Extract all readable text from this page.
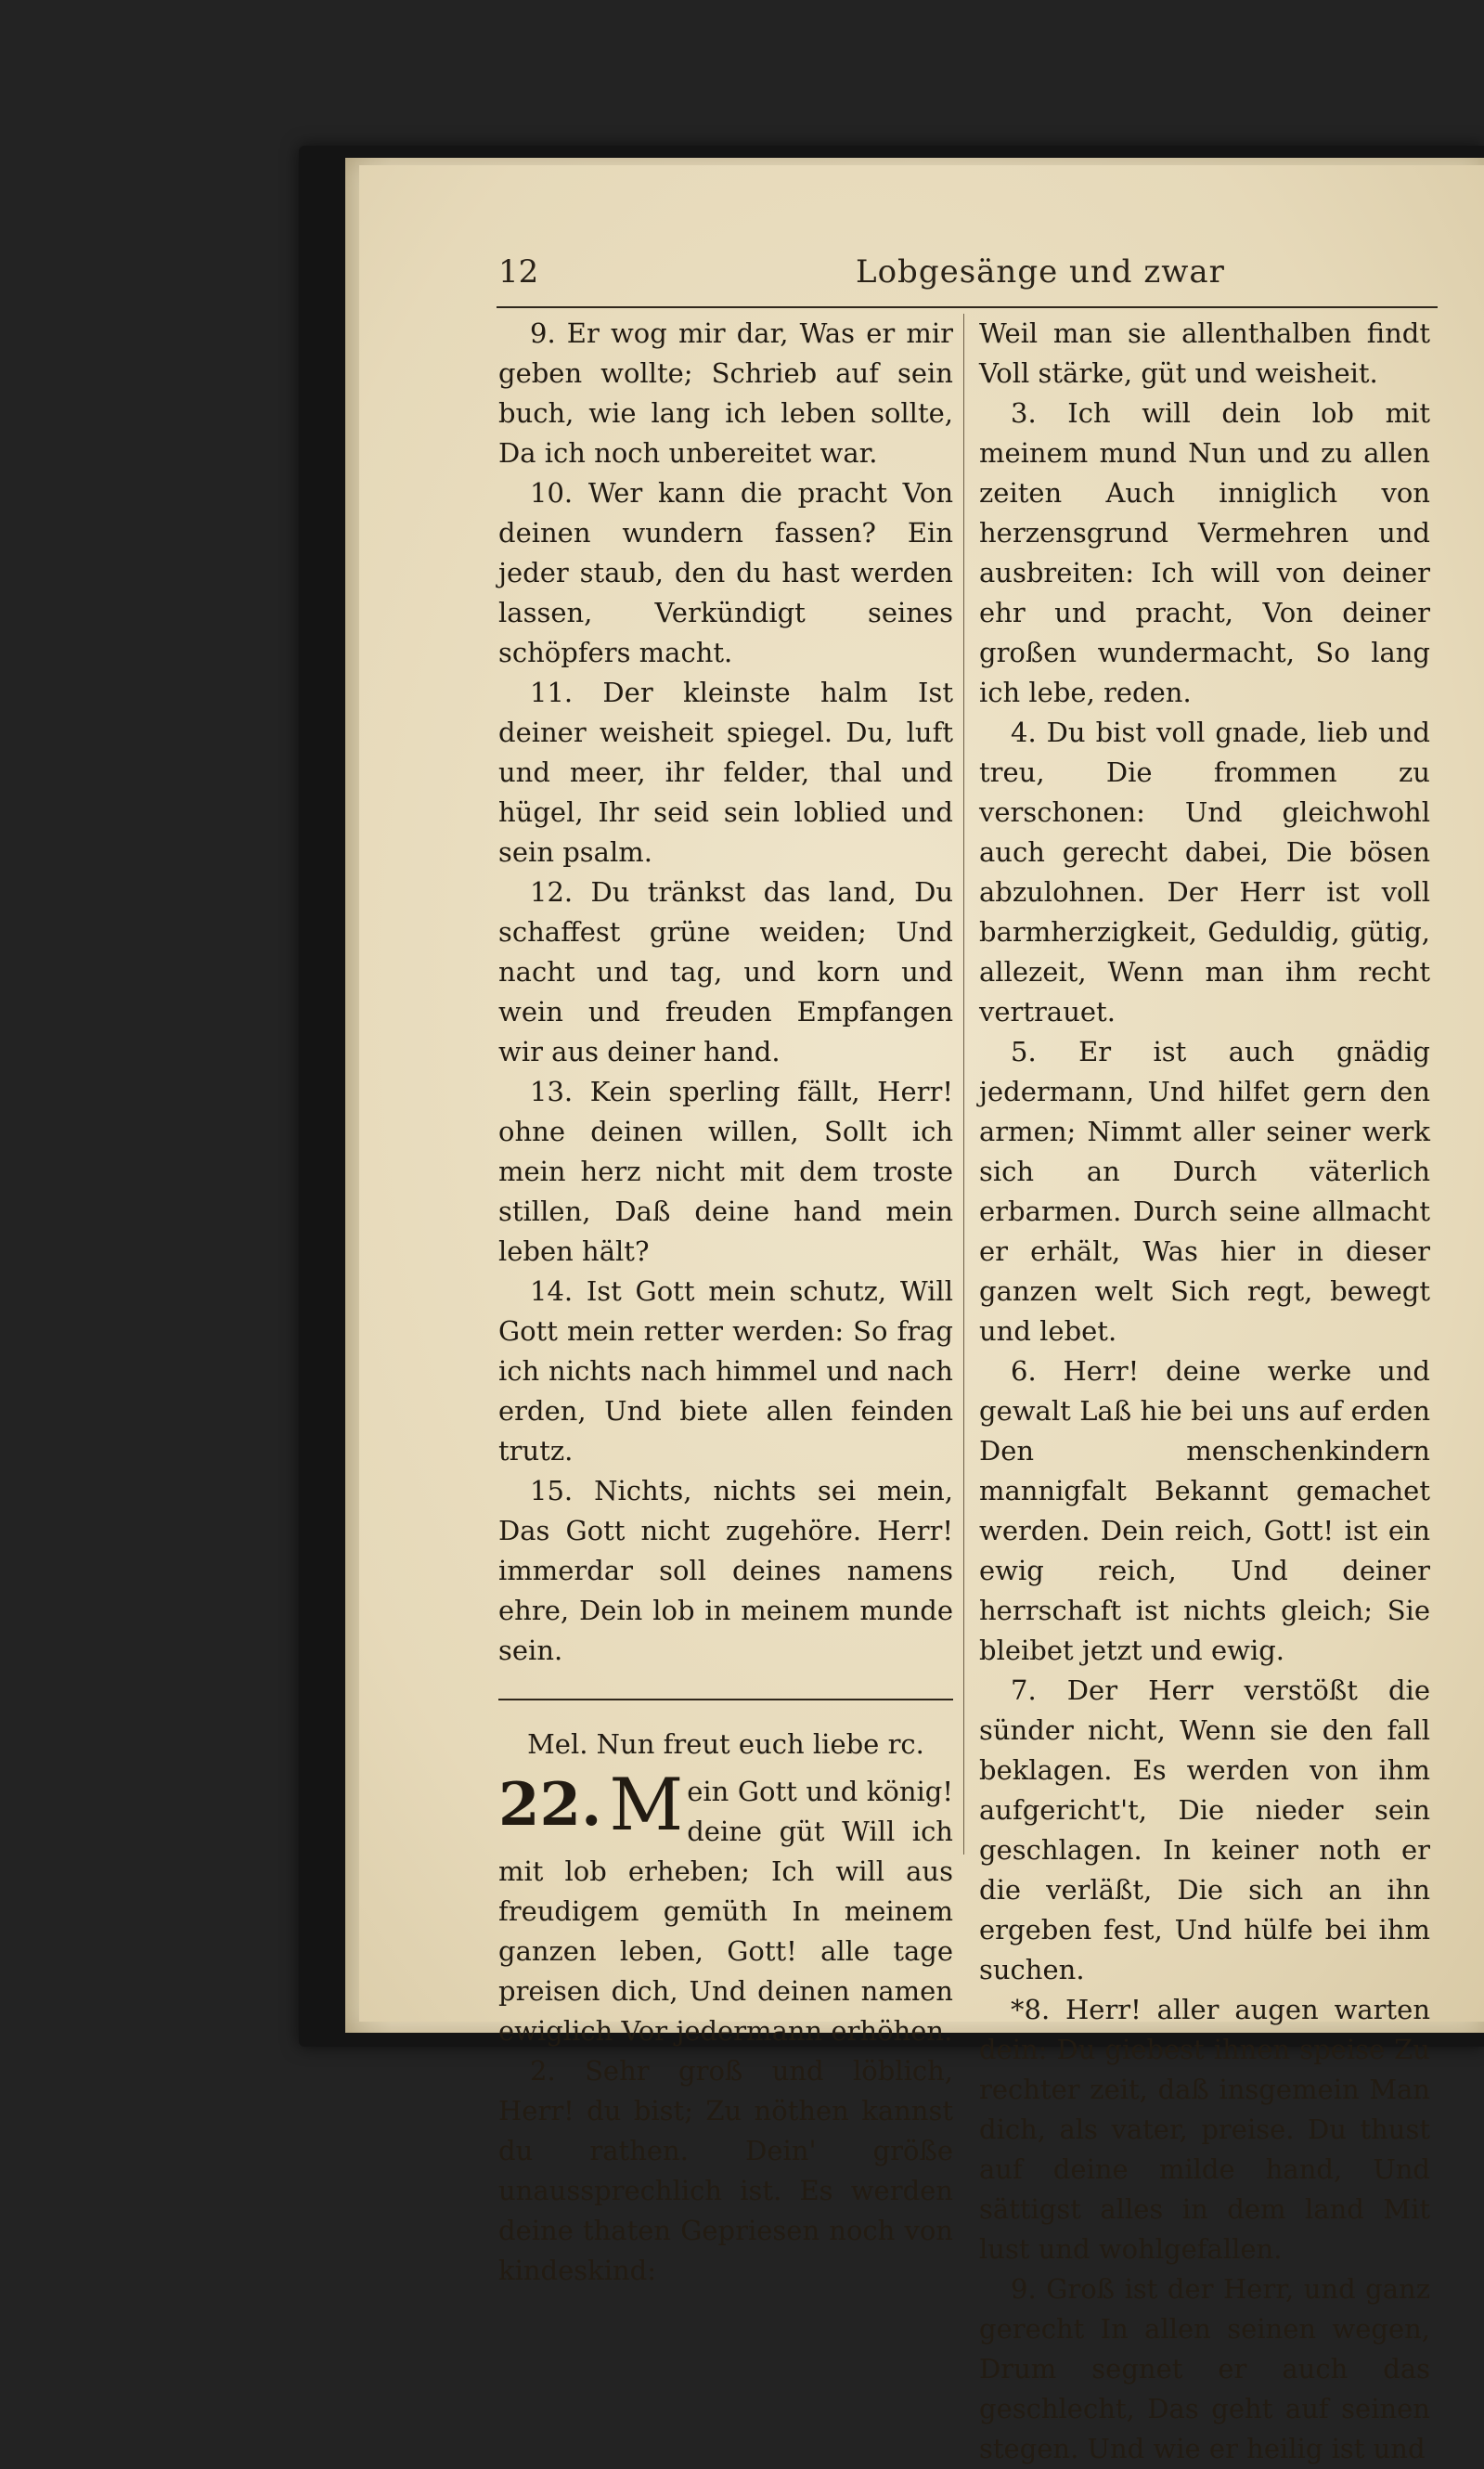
12	Lobgesänge und zwar

9. Er wog mir dar, Was er mir geben wollte; Schrieb auf sein buch, wie lang ich leben sollte, Da ich noch unbereitet war.

10. Wer kann die pracht Von deinen wundern fassen? Ein jeder staub, den du hast werden lassen, Verkündigt seines schöpfers macht.

11. Der kleinste halm Ist deiner weisheit spiegel. Du, luft und meer, ihr felder, thal und hügel, Ihr seid sein loblied und sein psalm.

12. Du tränkst das land, Du schaffest grüne weiden; Und nacht und tag, und korn und wein und freuden Empfangen wir aus deiner hand.

13. Kein sperling fällt, Herr! ohne deinen willen, Sollt ich mein herz nicht mit dem troste stillen, Daß deine hand mein leben hält?

14. Ist Gott mein schutz, Will Gott mein retter werden: So frag ich nichts nach himmel und nach erden, Und biete allen feinden trutz.

15. Nichts, nichts sei mein, Das Gott nicht zugehöre. Herr! immerdar soll deines namens ehre, Dein lob in meinem munde sein.

Mel. Nun freut euch liebe rc.

22. M ein Gott und könig! deine güt Will ich mit lob erheben; Ich will aus freudigem gemüth In meinem ganzen leben, Gott! alle tage preisen dich, Und deinen namen ewiglich Vor jedermann erhöhen.

2. Sehr groß und löblich, Herr! du bist; Zu nöthen kannst du rathen. Dein' größe unaussprechlich ist. Es werden deine thaten Gepriesen noch von kindeskind:

Weil man sie allenthalben findt Voll stärke, güt und weisheit.

3. Ich will dein lob mit meinem mund Nun und zu allen zeiten Auch inniglich von herzensgrund Vermehren und ausbreiten: Ich will von deiner ehr und pracht, Von deiner großen wundermacht, So lang ich lebe, reden.

4. Du bist voll gnade, lieb und treu, Die frommen zu verschonen: Und gleichwohl auch gerecht dabei, Die bösen abzulohnen. Der Herr ist voll barmherzigkeit, Geduldig, gütig, allezeit, Wenn man ihm recht vertrauet.

5. Er ist auch gnädig jedermann, Und hilfet gern den armen; Nimmt aller seiner werk sich an Durch väterlich erbarmen. Durch seine allmacht er erhält, Was hier in dieser ganzen welt Sich regt, bewegt und lebet.

6. Herr! deine werke und gewalt Laß hie bei uns auf erden Den menschenkindern mannigfalt Bekannt gemachet werden. Dein reich, Gott! ist ein ewig reich, Und deiner herrschaft ist nichts gleich; Sie bleibet jetzt und ewig.

7. Der Herr verstößt die sünder nicht, Wenn sie den fall beklagen. Es werden von ihm aufgericht't, Die nieder sein geschlagen. In keiner noth er die verläßt, Die sich an ihn ergeben fest, Und hülfe bei ihm suchen.

*8. Herr! aller augen warten dein: Du giebest ihnen speise Zu rechter zeit, daß insgemein Man dich, als vater, preise. Du thust auf deine milde hand, Und sättigst alles in dem land Mit lust und wohlgefallen.

9. Groß ist der Herr, und ganz gerecht In allen seinen wegen, Drum segnet er auch das geschlecht, Das geht auf seinen stegen. Und wie er heilig ist und
